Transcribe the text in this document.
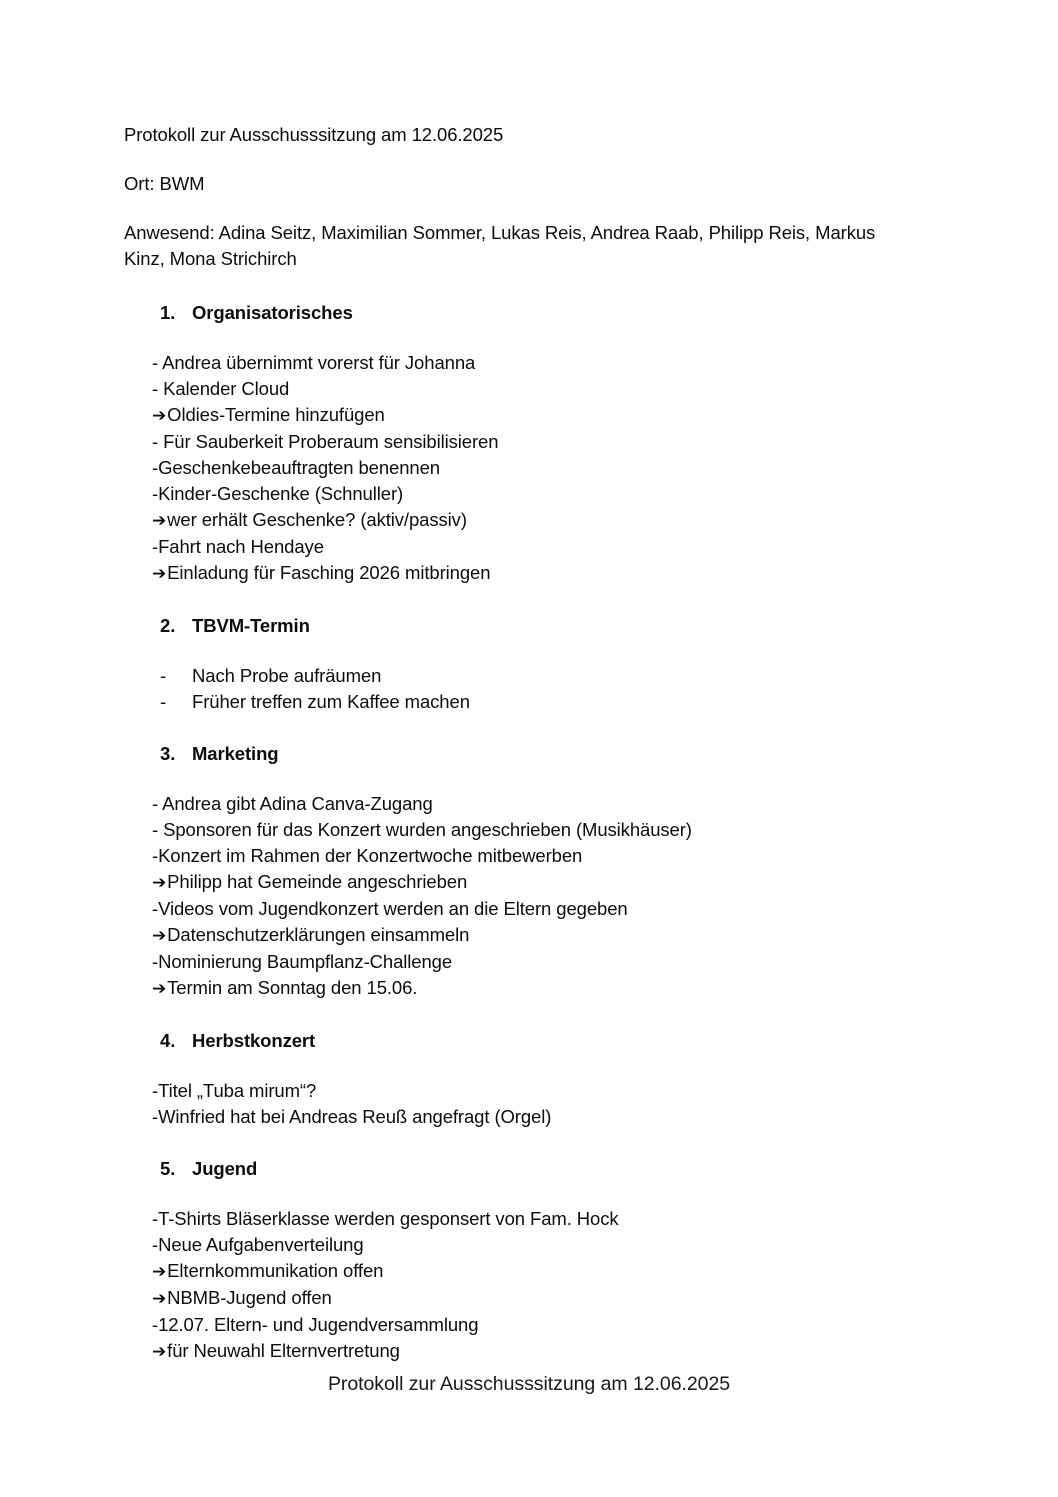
Protokoll zur Ausschusssitzung am 12.06.2025

Ort: BWM

Anwesend: Adina Seitz, Maximilian Sommer, Lukas Reis, Andrea Raab, Philipp Reis, Markus Kinz, Mona Strichirch

1. Organisatorisches
- Andrea übernimmt vorerst für Johanna
- Kalender Cloud
➔Oldies-Termine hinzufügen
- Für Sauberkeit Proberaum sensibilisieren
-Geschenkebeauftragten benennen
-Kinder-Geschenke (Schnuller)
➔wer erhält Geschenke? (aktiv/passiv)
-Fahrt nach Hendaye
➔Einladung für Fasching 2026 mitbringen
2. TBVM-Termin
-	Nach Probe aufräumen
-	Früher treffen zum Kaffee machen
3. Marketing
- Andrea gibt Adina Canva-Zugang
- Sponsoren für das Konzert wurden angeschrieben (Musikhäuser)
-Konzert im Rahmen der Konzertwoche mitbewerben
➔Philipp hat Gemeinde angeschrieben
-Videos vom Jugendkonzert werden an die Eltern gegeben
➔Datenschutzerklärungen einsammeln
-Nominierung Baumpflanz-Challenge
➔Termin am Sonntag den 15.06.
4. Herbstkonzert
-Titel „Tuba mirum“?
-Winfried hat bei Andreas Reuß angefragt (Orgel)
5. Jugend
-T-Shirts Bläserklasse werden gesponsert von Fam. Hock
-Neue Aufgabenverteilung
➔Elternkommunikation offen
➔NBMB-Jugend offen
-12.07. Eltern- und Jugendversammlung
➔für Neuwahl Elternvertretung
Protokoll zur Ausschusssitzung am 12.06.2025
